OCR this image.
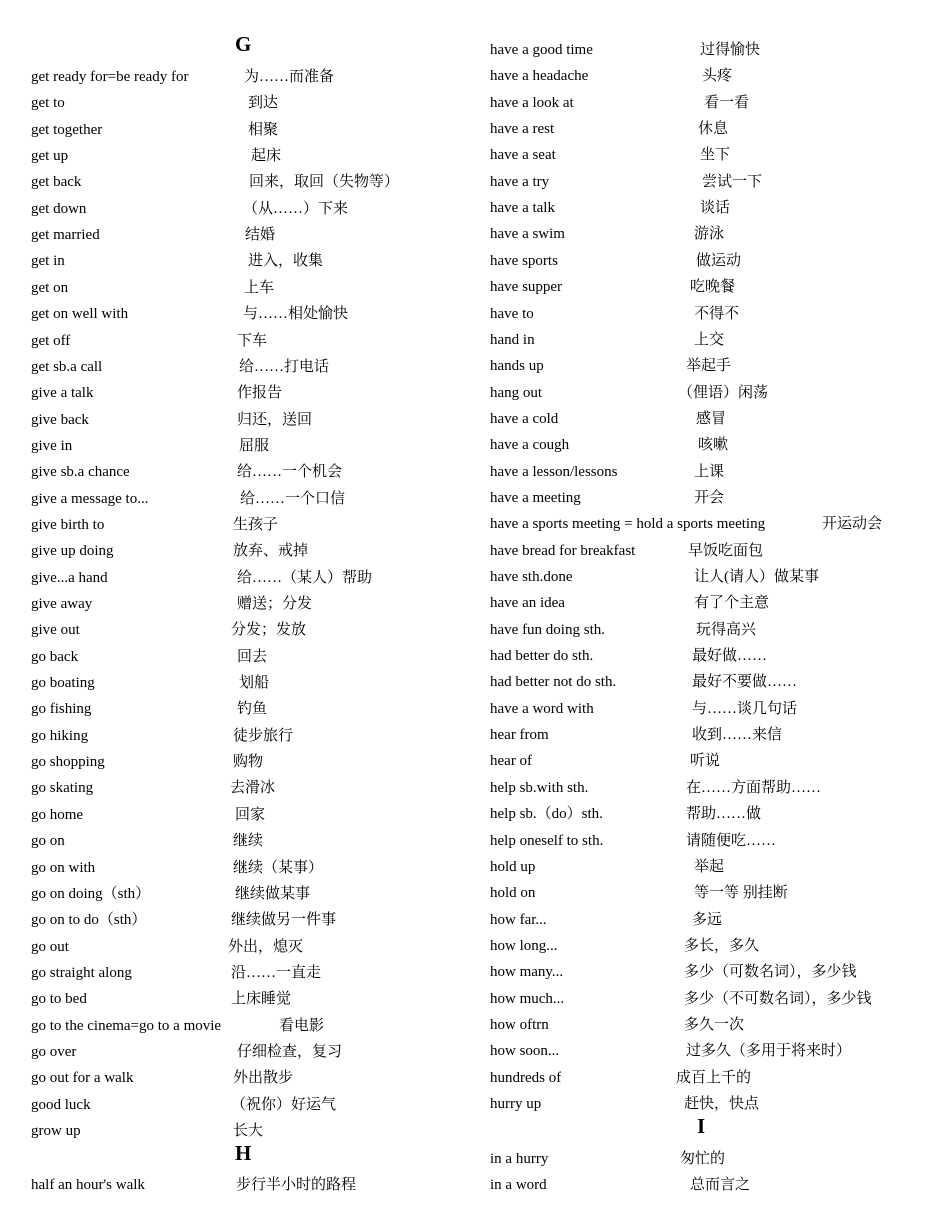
G
get ready for=be ready for	为……而准备
get to	到达
get together	相聚
get up	起床
get back	回来，取回（失物等）
get down	（从……）下来
get married	结婚
get in	进入，收集
get on	上车
get on well with	与……相处愉快
get off	下车
get sb.a call	给……打电话
give a talk	作报告
give back	归还，送回
give in	屈服
give sb.a chance	给……一个机会
give a message to...	给……一个口信
give birth to	生孩子
give up doing	放弃、戒掉
give...a hand	给……（某人）帮助
give away	赠送；分发
give out	分发；发放
go back	回去
go boating	划船
go fishing	钓鱼
go hiking	徒步旅行
go shopping	购物
go skating	去滑冰
go home	回家
go on	继续
go on with	继续（某事）
go on doing（sth）	继续做某事
go on to do（sth）	继续做另一件事
go out	外出，熄灭
go straight along	沿……一直走
go to bed	上床睡觉
go to the cinema=go to a movie	看电影
go over	仔细检查，复习
go out for a walk	外出散步
good luck	（祝你）好运气
grow up	长大
H
half an hour's walk	步行半小时的路程
have a good time	过得愉快
have a headache	头疼
have a look at	看一看
have a rest	休息
have a seat	坐下
have a try	尝试一下
have a talk	谈话
have a swim	游泳
have sports	做运动
have supper	吃晚餐
have to	不得不
hand in	上交
hands up	举起手
hang out	（俚语）闲荡
have a cold	感冒
have a cough	咳嗽
have a lesson/lessons	上课
have a meeting	开会
have a sports meeting = hold a sports meeting	开运动会
have bread for breakfast	早饭吃面包
have sth.done	让人(请人）做某事
have an idea	有了个主意
have fun doing sth.	玩得高兴
had better do sth.	最好做……
had better not do sth.	最好不要做……
have a word with	与……谈几句话
hear from	收到……来信
hear of	听说
help sb.with sth.	在……方面帮助……
help sb.（do）sth.	帮助……做
help oneself to sth.	请随便吃……
hold up	举起
hold on	等一等 别挂断
how far...	多远
how long...	多长，多久
how many...	多少（可数名词），多少钱
how much...	多少（不可数名词），多少钱
how oftrn	多久一次
how soon...	过多久（多用于将来时）
hundreds of	成百上千的
hurry up	赶快，快点
I
in a hurry	匆忙的
in a word	总而言之
